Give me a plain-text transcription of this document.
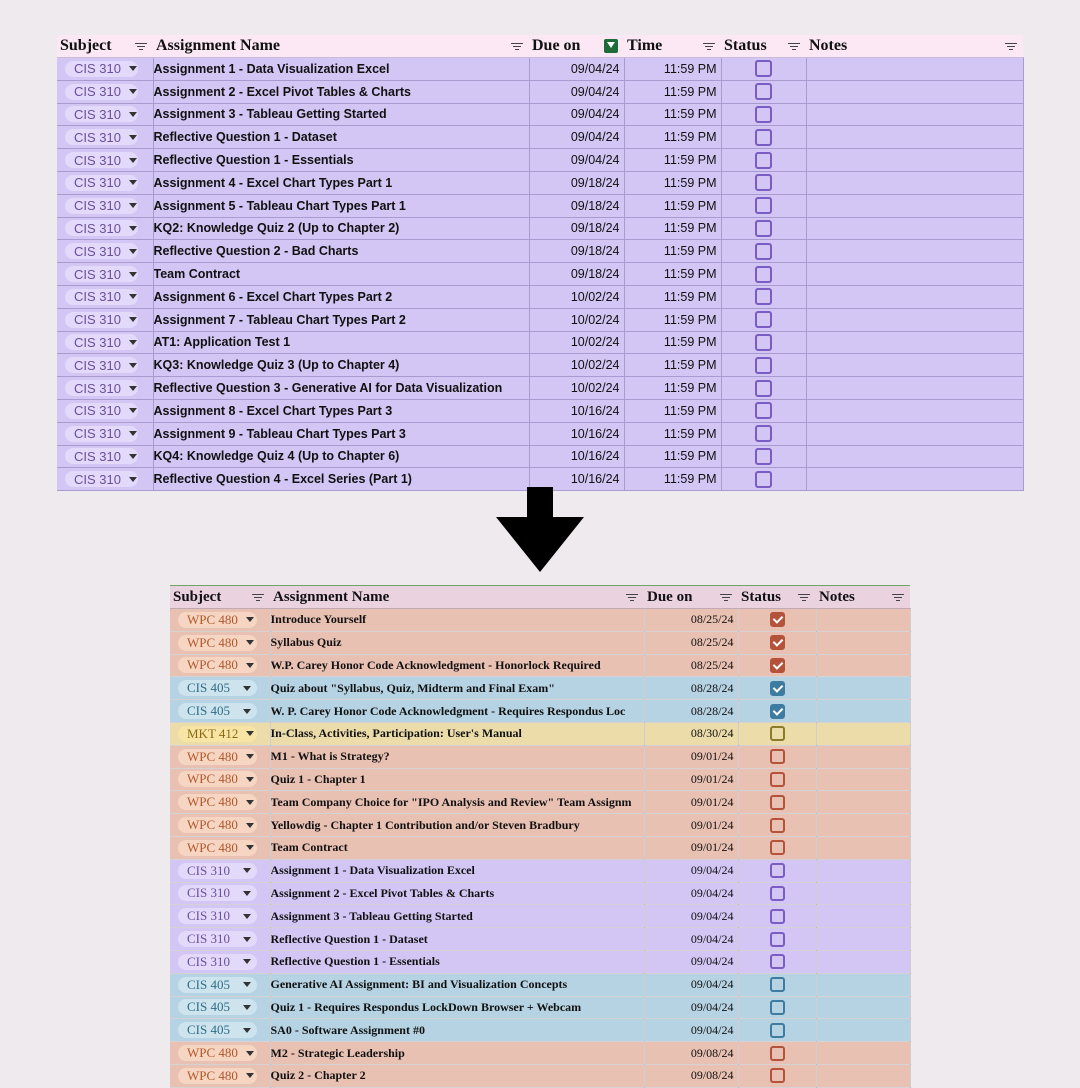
Subject	Assignment Name	Due on	Time	Status	Notes

CIS 310	Assignment 1 - Data Visualization Excel	09/04/24	11:59 PM	

CIS 310	Assignment 2 - Excel Pivot Tables & Charts	09/04/24	11:59 PM	

CIS 310	Assignment 3 - Tableau Getting Started	09/04/24	11:59 PM	

CIS 310	Reflective Question 1 - Dataset	09/04/24	11:59 PM	

CIS 310	Reflective Question 1 - Essentials	09/04/24	11:59 PM	

CIS 310	Assignment 4 - Excel Chart Types Part 1	09/18/24	11:59 PM	

CIS 310	Assignment 5 - Tableau Chart Types Part 1	09/18/24	11:59 PM	

CIS 310	KQ2: Knowledge Quiz 2 (Up to Chapter 2)	09/18/24	11:59 PM	

CIS 310	Reflective Question 2 - Bad Charts	09/18/24	11:59 PM	

CIS 310	Team Contract	09/18/24	11:59 PM	

CIS 310	Assignment 6 - Excel Chart Types Part 2	10/02/24	11:59 PM	

CIS 310	Assignment 7 - Tableau Chart Types Part 2	10/02/24	11:59 PM	

CIS 310	AT1: Application Test 1	10/02/24	11:59 PM	

CIS 310	KQ3: Knowledge Quiz 3 (Up to Chapter 4)	10/02/24	11:59 PM	

CIS 310	Reflective Question 3 - Generative AI for Data Visualization	10/02/24	11:59 PM	

CIS 310	Assignment 8 - Excel Chart Types Part 3	10/16/24	11:59 PM	

CIS 310	Assignment 9 - Tableau Chart Types Part 3	10/16/24	11:59 PM	

CIS 310	KQ4: Knowledge Quiz 4 (Up to Chapter 6)	10/16/24	11:59 PM	

CIS 310	Reflective Question 4 - Excel Series (Part 1)	10/16/24	11:59 PM	

Subject	Assignment Name	Due on	Status	Notes

WPC 480	Introduce Yourself	08/25/24	

WPC 480	Syllabus Quiz	08/25/24	

WPC 480	W.P. Carey Honor Code Acknowledgment - Honorlock Required	08/25/24	

CIS 405	Quiz about "Syllabus, Quiz, Midterm and Final Exam"	08/28/24	

CIS 405	W. P. Carey Honor Code Acknowledgment - Requires Respondus Loc	08/28/24	

MKT 412	In-Class, Activities, Participation: User's Manual	08/30/24	

WPC 480	M1 - What is Strategy?	09/01/24	

WPC 480	Quiz 1 - Chapter 1	09/01/24	

WPC 480	Team Company Choice for "IPO Analysis and Review" Team Assignm	09/01/24	

WPC 480	Yellowdig - Chapter 1 Contribution and/or Steven Bradbury	09/01/24	

WPC 480	Team Contract	09/01/24	

CIS 310	Assignment 1 - Data Visualization Excel	09/04/24	

CIS 310	Assignment 2 - Excel Pivot Tables & Charts	09/04/24	

CIS 310	Assignment 3 - Tableau Getting Started	09/04/24	

CIS 310	Reflective Question 1 - Dataset	09/04/24	

CIS 310	Reflective Question 1 - Essentials	09/04/24	

CIS 405	Generative AI Assignment: BI and Visualization Concepts	09/04/24	

CIS 405	Quiz 1 - Requires Respondus LockDown Browser + Webcam	09/04/24	

CIS 405	SA0 - Software Assignment #0	09/04/24	

WPC 480	M2 - Strategic Leadership	09/08/24	

WPC 480	Quiz 2 - Chapter 2	09/08/24	
